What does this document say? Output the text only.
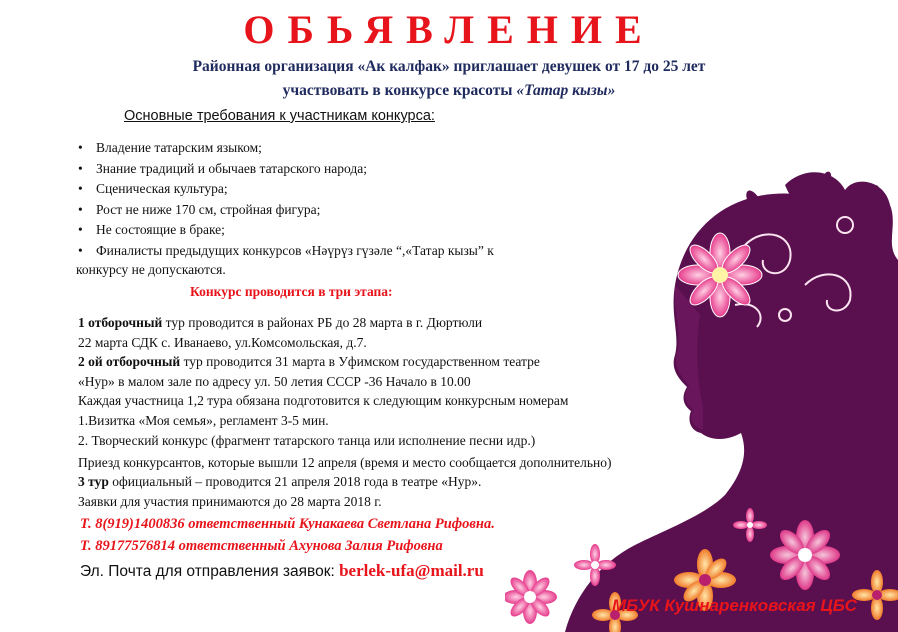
ОБЬЯВЛЕНИЕ
Районная организация «Ак калфак» приглашает девушек от 17 до 25 лет
участвовать в конкурсе красоты «Татар кызы»
Основные требования к участникам конкурса:
• Владение татарским языком;
• Знание традиций и обычаев татарского народа;
• Сценическая культура;
• Рост не ниже 170 см, стройная фигура;
• Не состоящие в браке;
• Финалисты предыдущих конкурсов «Нәүрүз гүзәле “,«Татар кызы” к
конкурсу не допускаются.
Конкурс проводится в три этапа:
1 отборочный тур проводится в районах РБ до 28 марта в г. Дюртюли
22 марта СДК с. Иванаево, ул.Комсомольская, д.7.
2 ой отборочный тур проводится 31 марта в Уфимском государственном театре
«Нур» в малом зале по адресу ул. 50 летия СССР -36 Начало в 10.00
Каждая участница 1,2 тура обязана подготовится к следующим конкурсным номерам
1.Визитка «Моя семья», регламент 3-5 мин.
2. Творческий конкурс (фрагмент татарского танца или исполнение песни идр.)
Приезд конкурсантов, которые вышли 12 апреля (время и место сообщается дополнительно)
3 тур официальный – проводится 21 апреля 2018 года в театре «Нур».
Заявки для участия принимаются до 28 марта 2018 г.
Т. 8(919)1400836 ответственный Кунакаева Светлана Рифовна.
Т. 89177576814 ответственный Ахунова Залия Рифовна
Эл. Почта для отправления заявок: berlek-ufa@mail.ru
МБУК Кушнаренковская ЦБС
